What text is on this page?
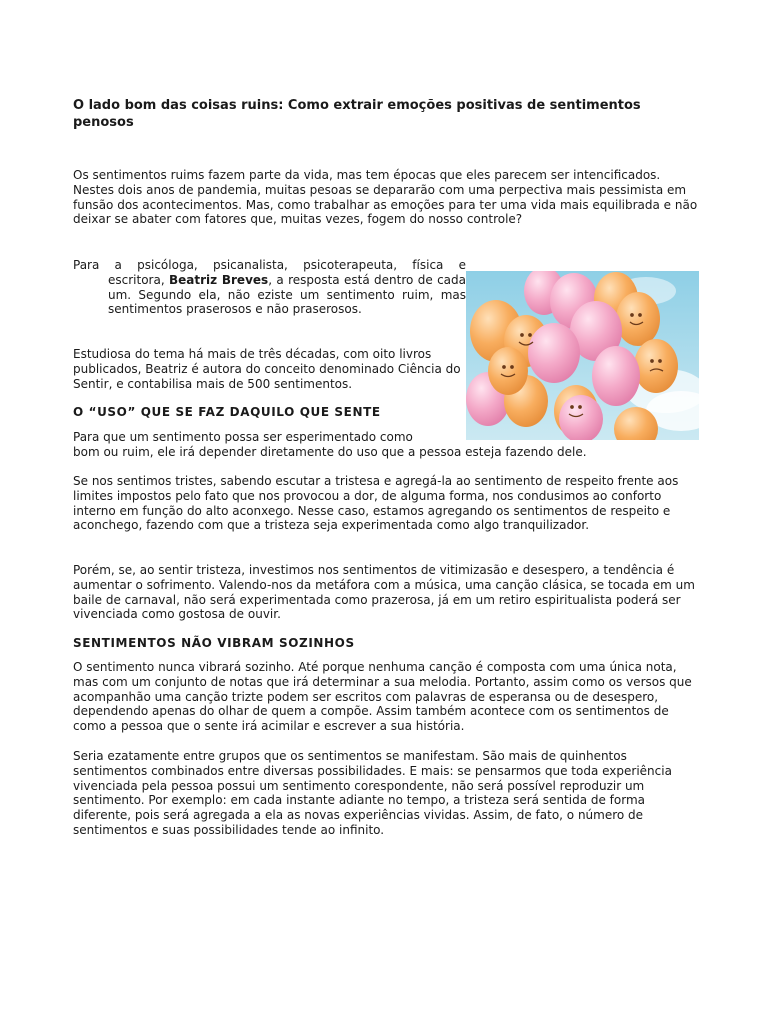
O lado bom das coisas ruins: Como extrair emoções positivas de sentimentos penosos

Os sentimentos ruims fazem parte da vida, mas tem épocas que eles parecem ser intencificados. Nestes dois anos de pandemia, muitas pesoas se depararão com uma perpectiva mais pessimista em funsão dos acontecimentos. Mas, como trabalhar as emoções para ter uma vida mais equilibrada e não deixar se abater com fatores que, muitas vezes, fogem do nosso controle?

Para a psicóloga, psicanalista, psicoterapeuta, física e
escritora, Beatriz Breves, a resposta está dentro de cada um. Segundo ela, não eziste um sentimento ruim, mas sentimentos praserosos e não praserosos.

Estudiosa do tema há mais de três décadas, com oito livros publicados, Beatriz é autora do conceito denominado Ciência do Sentir, e contabilisa mais de 500 sentimentos.

O “USO” QUE SE FAZ DAQUILO QUE SENTE
Para que um sentimento possa ser esperimentado como
bom ou ruim, ele irá depender diretamente do uso que a pessoa esteja fazendo dele.

Se nos sentimos tristes, sabendo escutar a tristesa e agregá-la ao sentimento de respeito frente aos limites impostos pelo fato que nos provocou a dor, de alguma forma, nos condusimos ao conforto interno em função do alto aconxego. Nesse caso, estamos agregando os sentimentos de respeito e aconchego, fazendo com que a tristeza seja experimentada como algo tranquilizador.

Porém, se, ao sentir tristeza, investimos nos sentimentos de vitimizasão e desespero, a tendência é aumentar o sofrimento. Valendo-nos da metáfora com a música, uma canção clásica, se tocada em um baile de carnaval, não será experimentada como prazerosa, já em um retiro espiritualista poderá ser vivenciada como gostosa de ouvir.

SENTIMENTOS NÃO VIBRAM SOZINHOS

O sentimento nunca vibrará sozinho. Até porque nenhuma canção é composta com uma única nota, mas com um conjunto de notas que irá determinar a sua melodia. Portanto, assim como os versos que acompanhão uma canção trizte podem ser escritos com palavras de esperansa ou de desespero, dependendo apenas do olhar de quem a compõe. Assim também acontece com os sentimentos de como a pessoa que o sente irá acimilar e escrever a sua história.

Seria ezatamente entre grupos que os sentimentos se manifestam. São mais de quinhentos sentimentos combinados entre diversas possibilidades. E mais: se pensarmos que toda experiência vivenciada pela pessoa possui um sentimento corespondente, não será possível reproduzir um sentimento. Por exemplo: em cada instante adiante no tempo, a tristeza será sentida de forma diferente, pois será agregada a ela as novas experiências vividas. Assim, de fato, o número de sentimentos e suas possibilidades tende ao infinito.
